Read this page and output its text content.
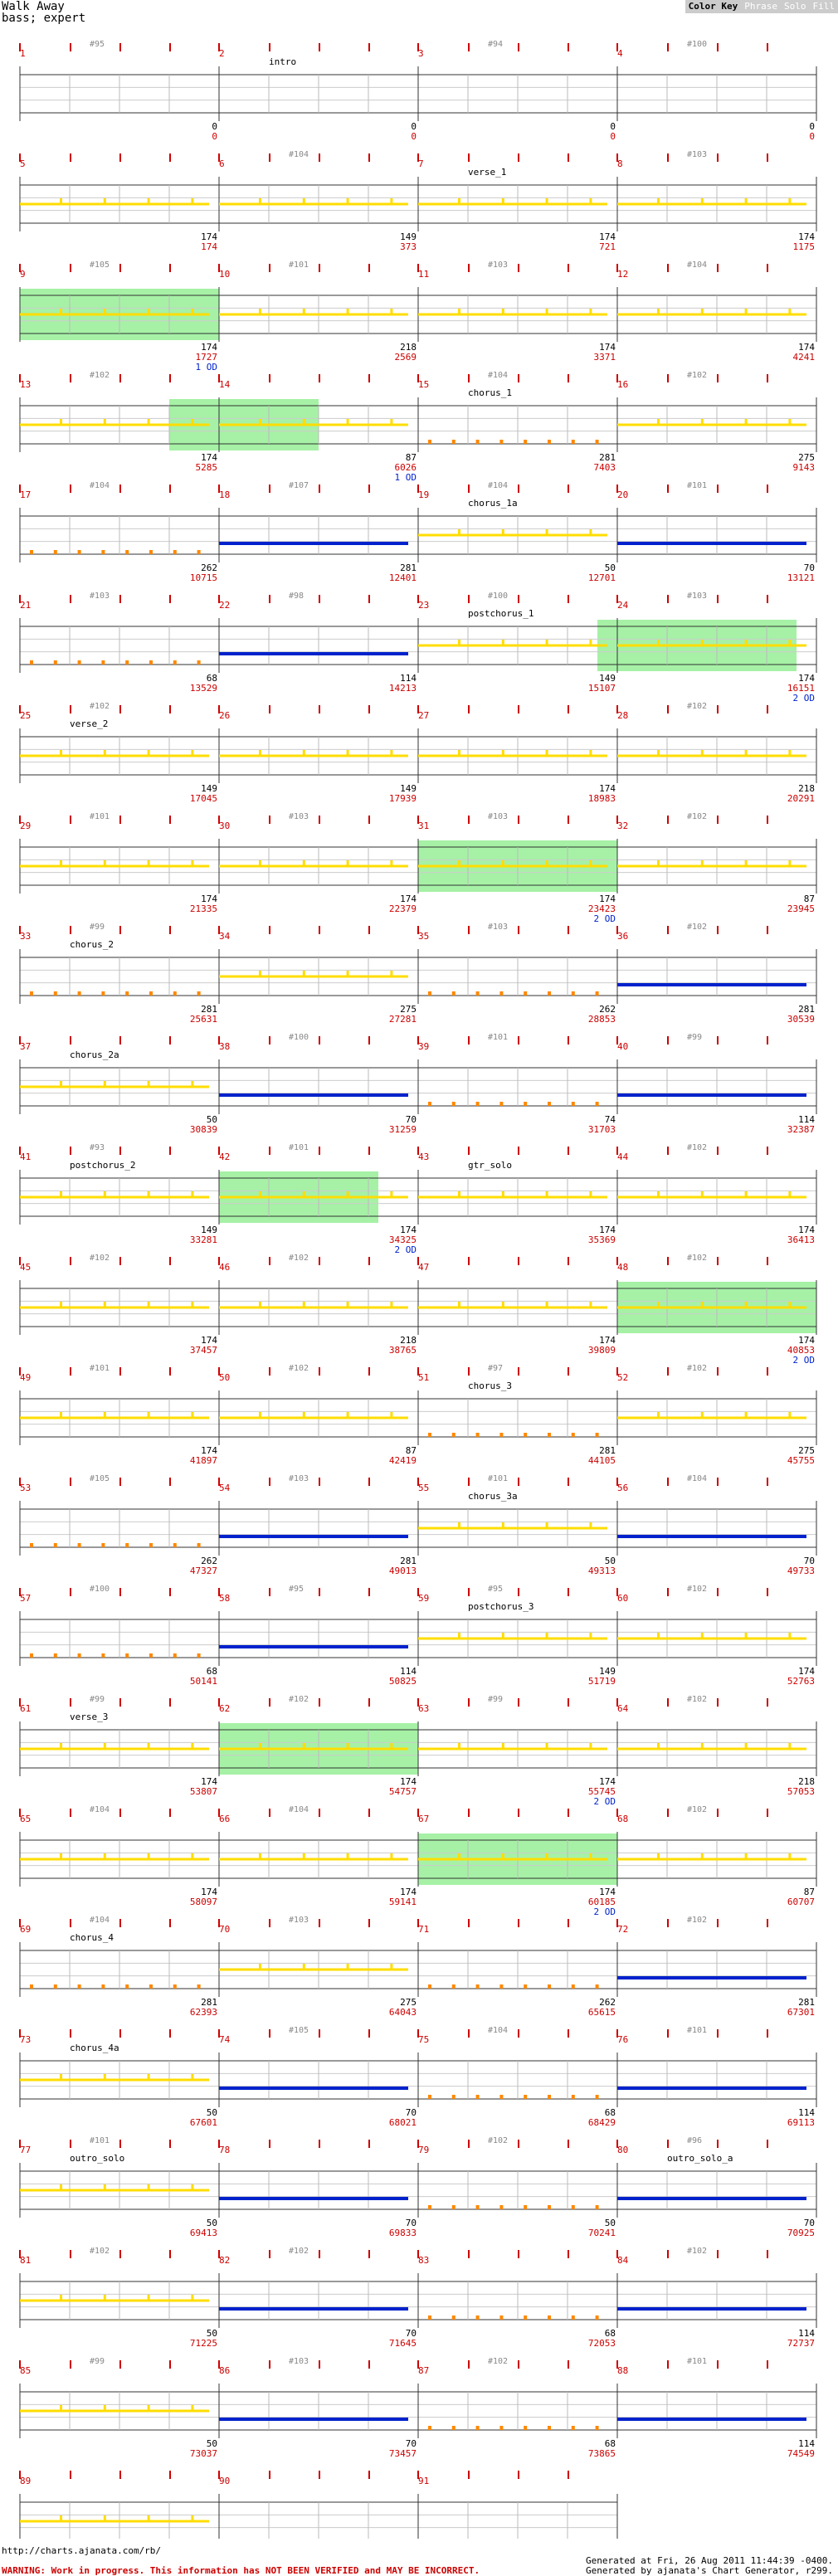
Walk Away
bass; expert
Color Key Phrase Solo Fill
1
#95
0
0
2
intro
0
0
3
#94
0
0
4
#100
0
0
5
174
174
6
#104
149
373
7
verse_1
174
721
8
#103
174
1175
9
#105
174
1727
10
#101
218
2569
11
#103
174
3371
12
#104
174
4241
1 OD
13
#102
174
5285
14
87
6026
15
#104
chorus_1
281
7403
16
#102
275
9143
1 OD
17
#104
262
10715
18
#107
281
12401
19
#104
chorus_1a
50
12701
20
#101
70
13121
21
#103
68
13529
22
#98
114
14213
23
#100
postchorus_1
149
15107
24
#103
174
16151
2 OD
25
#102
verse_2
149
17045
26
149
17939
27
174
18983
28
#102
218
20291
29
#101
174
21335
30
#103
174
22379
31
#103
174
23423
32
#102
87
23945
2 OD
33
#99
chorus_2
281
25631
34
275
27281
35
#103
262
28853
36
#102
281
30539
37
chorus_2a
50
30839
38
#100
70
31259
39
#101
74
31703
40
#99
114
32387
41
#93
postchorus_2
149
33281
42
#101
174
34325
43
gtr_solo
174
35369
44
#102
174
36413
2 OD
45
#102
174
37457
46
#102
218
38765
47
174
39809
48
#102
174
40853
2 OD
49
#101
174
41897
50
#102
87
42419
51
#97
chorus_3
281
44105
52
#102
275
45755
53
#105
262
47327
54
#103
281
49013
55
#101
chorus_3a
50
49313
56
#104
70
49733
57
#100
68
50141
58
#95
114
50825
59
#95
postchorus_3
149
51719
60
#102
174
52763
61
#99
verse_3
174
53807
62
#102
174
54757
63
#99
174
55745
64
#102
218
57053
2 OD
65
#104
174
58097
66
#104
174
59141
67
174
60185
68
#102
87
60707
2 OD
69
#104
chorus_4
281
62393
70
#103
275
64043
71
262
65615
72
#102
281
67301
73
chorus_4a
50
67601
74
#105
70
68021
75
#104
68
68429
76
#101
114
69113
77
#101
outro_solo
50
69413
78
70
69833
79
#102
50
70241
80
#96
outro_solo_a
70
70925
81
#102
50
71225
82
#102
70
71645
83
68
72053
84
#102
114
72737
85
#99
50
73037
86
#103
70
73457
87
#102
68
73865
88
#101
114
74549
89	90	91
http://charts.ajanata.com/rb/
Generated at Fri, 26 Aug 2011 11:44:39 -0400.
Generated by ajanata's Chart Generator, r299.
WARNING: Work in progress. This information has NOT BEEN VERIFIED and MAY BE INCORRECT.
